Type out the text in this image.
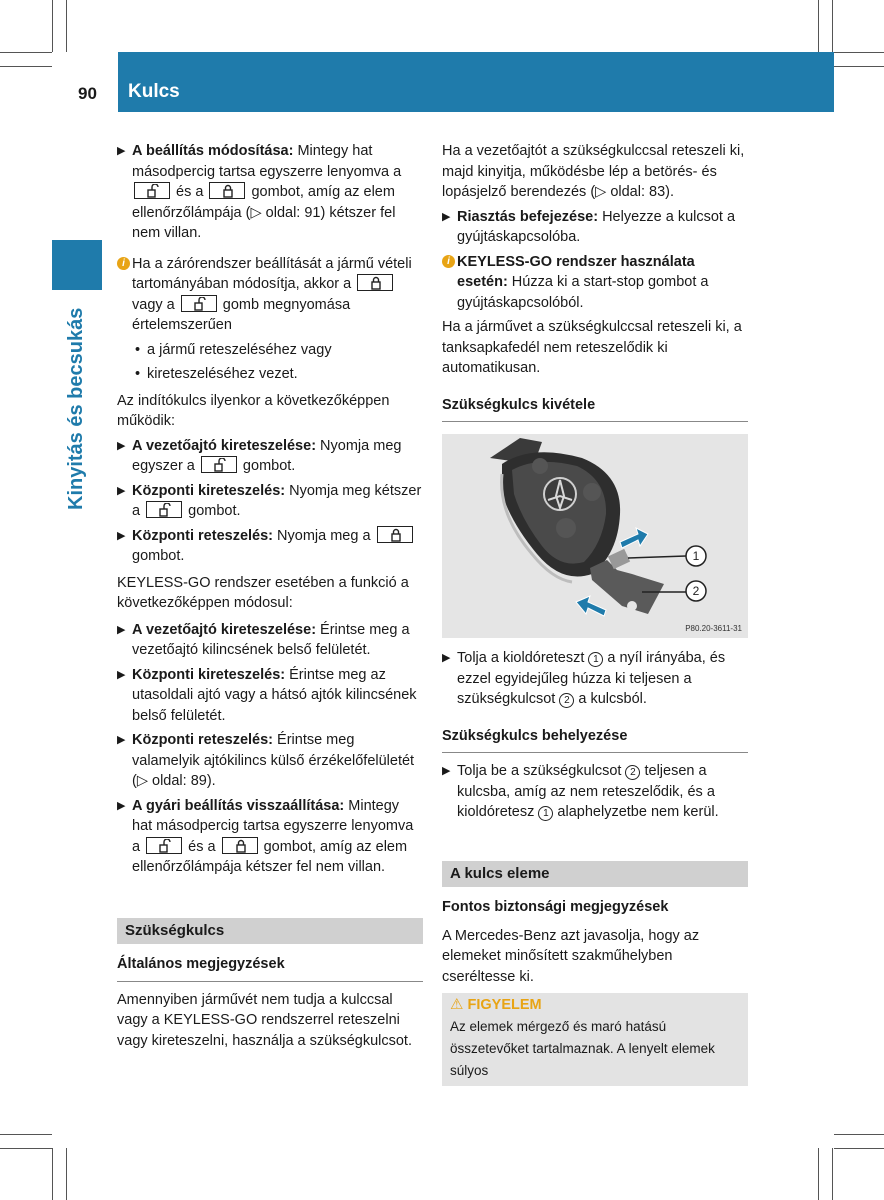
90 Kulcs
Kinyitás és becsukás
▶ A beállítás módosítása: Mintegy hat másodpercig tartsa egyszerre lenyomva a
és a	gombot, amíg az elem ellenőrzőlámpája (▷ oldal: 91) kétszer fel nem villan.
i Ha a zárórendszer beállítását a jármű vételi tartományában módosítja, akkor a
vagy a	gomb megnyomása értelemszerűen
• a jármű reteszeléséhez vagy
• kireteszeléséhez vezet.

Az indítókulcs ilyenkor a következőképpen működik:

▶ A vezetőajtó kireteszelése: Nyomja meg egyszer a	gombot.
▶ Központi kireteszelés: Nyomja meg kétszer a	gombot.
▶ Központi reteszelés: Nyomja meg a
gombot.

KEYLESS-GO rendszer esetében a funkció a következőképpen módosul:

▶ A vezetőajtó kireteszelése: Érintse meg a vezetőajtó kilincsének belső felületét.
▶ Központi kireteszelés: Érintse meg az utasoldali ajtó vagy a hátsó ajtók kilincsének belső felületét.
▶ Központi reteszelés: Érintse meg valamelyik ajtókilincs külső érzékelőfelületét (▷ oldal: 89).
▶ A gyári beállítás visszaállítása: Mintegy hat másodpercig tartsa egyszerre lenyomva a	és a	gombot, amíg az elem ellenőrzőlámpája kétszer fel nem villan.
Szükségkulcs
Általános megjegyzések

Amennyiben járművét nem tudja a kulccsal vagy a KEYLESS-GO rendszerrel reteszelni vagy kireteszelni, használja a szükségkulcsot.

Ha a vezetőajtót a szükségkulccsal reteszeli ki, majd kinyitja, működésbe lép a betörés- és lopásjelző berendezés (▷ oldal: 83).

▶ Riasztás befejezése: Helyezze a kulcsot a gyújtáskapcsolóba.
i KEYLESS-GO rendszer használata esetén: Húzza ki a start-stop gombot a gyújtáskapcsolóból.

Ha a járművet a szükségkulccsal reteszeli ki, a tanksapkafedél nem reteszelődik ki automatikusan.

Szükségkulcs kivétele
1
2
P80.20-3611-31
▶ Tolja a kioldóreteszt 1 a nyíl irányába, és ezzel egyidejűleg húzza ki teljesen a szükségkulcsot 2 a kulcsból.
Szükségkulcs behelyezése
▶ Tolja be a szükségkulcsot 2 teljesen a kulcsba, amíg az nem reteszelődik, és a kioldóretesz 1 alaphelyzetbe nem kerül.
A kulcs eleme
Fontos biztonsági megjegyzések

A Mercedes-Benz azt javasolja, hogy az elemeket minősített szakműhelyben cseréltesse ki.

⚠ FIGYELEM

Az elemek mérgező és maró hatású összetevőket tartalmaznak. A lenyelt elemek súlyos
